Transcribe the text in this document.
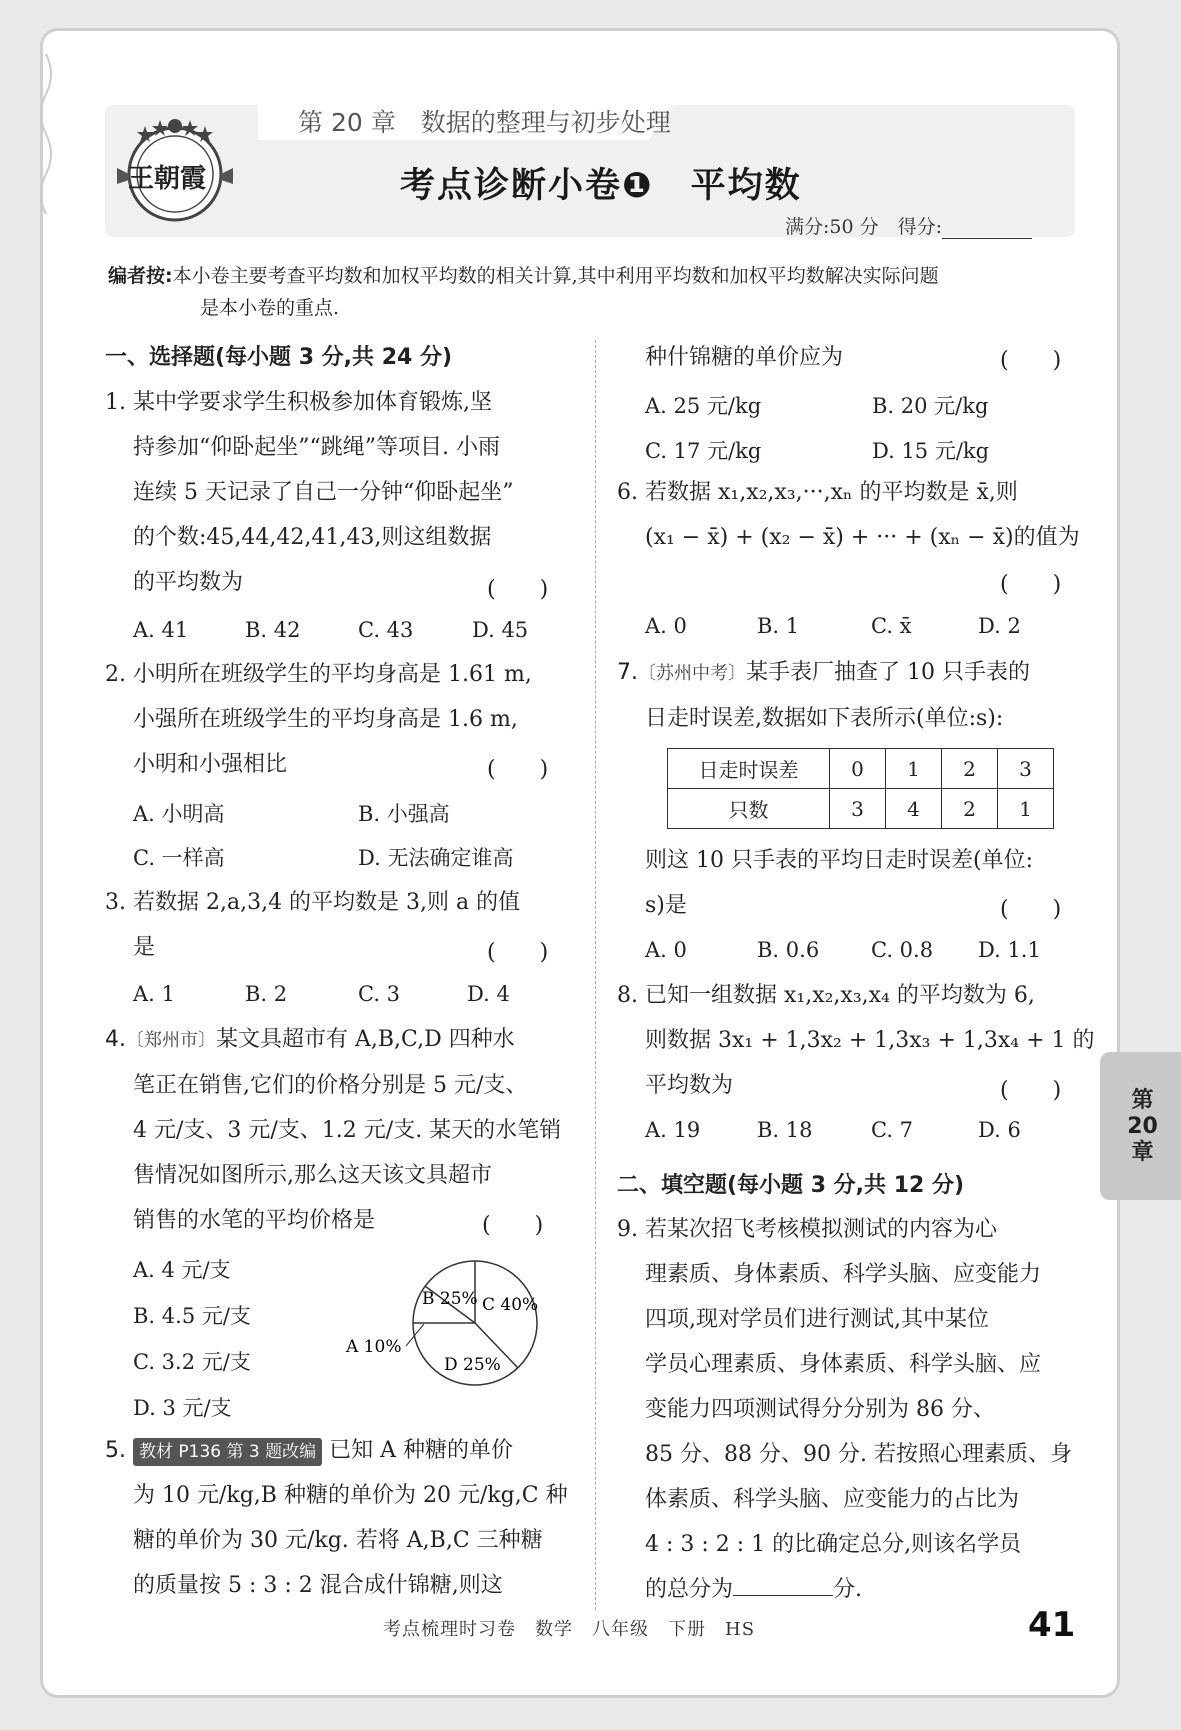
第 20 章　数据的整理与初步处理
王朝霞	考点诊断小卷❶　平均数
满分:50 分　得分:
编者按:本小卷主要考查平均数和加权平均数的相关计算,其中利用平均数和加权平均数解决实际问题
是本小卷的重点.
一、选择题(每小题 3 分,共 24 分)
1. 某中学要求学生积极参加体育锻炼,坚
持参加“仰卧起坐”“跳绳”等项目. 小雨
连续 5 天记录了自己一分钟“仰卧起坐”
的个数:45,44,42,41,43,则这组数据
的平均数为	(　　)
A. 41	B. 42	C. 43	D. 45
2. 小明所在班级学生的平均身高是 1.61 m,
小强所在班级学生的平均身高是 1.6 m,
小明和小强相比	(　　)
A. 小明高	B. 小强高
C. 一样高	D. 无法确定谁高
3. 若数据 2,a,3,4 的平均数是 3,则 a 的值
是	(　　)
A. 1	B. 2	C. 3	D. 4
4.〔郑州市〕某文具超市有 A,B,C,D 四种水
笔正在销售,它们的价格分别是 5 元/支、
4 元/支、3 元/支、1.2 元/支. 某天的水笔销
售情况如图所示,那么这天该文具超市
销售的水笔的平均价格是	(　　)
A. 4 元/支
B. 4.5 元/支
C. 3.2 元/支
D. 3 元/支
A 10%
B 25% C 40%
D 25%
5. 教材 P136 第 3 题改编 已知 A 种糖的单价
为 10 元/kg,B 种糖的单价为 20 元/kg,C 种
糖的单价为 30 元/kg. 若将 A,B,C 三种糖
的质量按 5 : 3 : 2 混合成什锦糖,则这
种什锦糖的单价应为	(　　)
A. 25 元/kg	B. 20 元/kg
C. 17 元/kg	D. 15 元/kg
6. 若数据 x₁,x₂,x₃,···,xₙ 的平均数是 x̄,则
(x₁ − x̄) + (x₂ − x̄) + ··· + (xₙ − x̄)的值为
(　　)
A. 0	B. 1	C. x̄	D. 2
7.〔苏州中考〕某手表厂抽查了 10 只手表的
日走时误差,数据如下表所示(单位:s):
日走时误差	0	1	2	3
只数	3	4	2	1
则这 10 只手表的平均日走时误差(单位:
s)是	(　　)
A. 0	B. 0.6 C. 0.8 D. 1.1
8. 已知一组数据 x₁,x₂,x₃,x₄ 的平均数为 6,
则数据 3x₁ + 1,3x₂ + 1,3x₃ + 1,3x₄ + 1 的
平均数为	(　　)
A. 19	B. 18	C. 7	D. 6
二、填空题(每小题 3 分,共 12 分)
9. 若某次招飞考核模拟测试的内容为心
理素质、身体素质、科学头脑、应变能力
四项,现对学员们进行测试,其中某位
学员心理素质、身体素质、科学头脑、应
变能力四项测试得分分别为 86 分、
85 分、88 分、90 分. 若按照心理素质、身
体素质、科学头脑、应变能力的占比为
4 : 3 : 2 : 1 的比确定总分,则该名学员
的总分为	分.
第
20
章
考点梳理时习卷　数学　八年级　下册　HS	41
